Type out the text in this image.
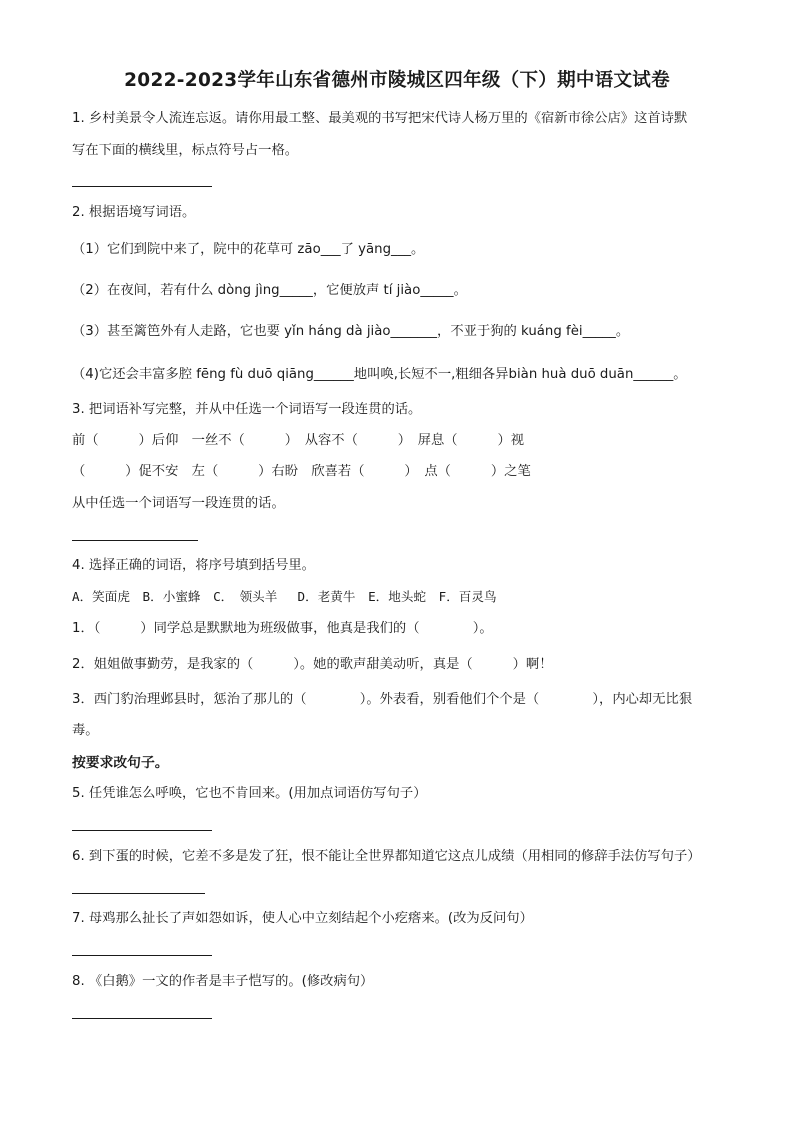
2022-2023学年山东省德州市陵城区四年级（下）期中语文试卷
1. 乡村美景令人流连忘返。请你用最工整、最美观的书写把宋代诗人杨万里的《宿新市徐公店》这首诗默
写在下面的横线里，标点符号占一格。
2. 根据语境写词语。
（1）它们到院中来了，院中的花草可 zāo___了 yāng___。
（2）在夜间，若有什么 dòng jìng_____，它便放声 tí jiào_____。
（3）甚至篱笆外有人走路，它也要 yǐn háng dà jiào_______，不亚于狗的 kuáng fèi_____。
（4)它还会丰富多腔 fēng fù duō qiāng______地叫唤,长短不一,粗细各异biàn huà duō duān______。
3. 把词语补写完整，并从中任选一个词语写一段连贯的话。
前（　　　）后仰　一丝不（　　　）　从容不（　　　）　屏息（　　　）视
（　　　）促不安　左（　　　）右盼　欣喜若（　　　）　点（　　　）之笔
从中任选一个词语写一段连贯的话。
4. 选择正确的词语，将序号填到括号里。
A．笑面虎　B．小蜜蜂　C．　领头羊　 D．老黄牛　E．地头蛇　F．百灵鸟
1．（　　　）同学总是默默地为班级做事，他真是我们的（　　　　）。
2．姐姐做事勤劳，是我家的（　　　）。她的歌声甜美动听，真是（　　　）啊！
3．西门豹治理邺县时，惩治了那儿的（　　　　）。外表看，别看他们个个是（　　　　），内心却无比狠
毒。
按要求改句子。
5. 任凭谁怎么呼唤，它也不肯回来。(用加点词语仿写句子）
6. 到下蛋的时候，它差不多是发了狂，恨不能让全世界都知道它这点儿成绩（用相同的修辞手法仿写句子）
7. 母鸡那么扯长了声如怨如诉，使人心中立刻结起个小疙瘩来。(改为反问句）
8. 《白鹅》一文的作者是丰子恺写的。(修改病句）
